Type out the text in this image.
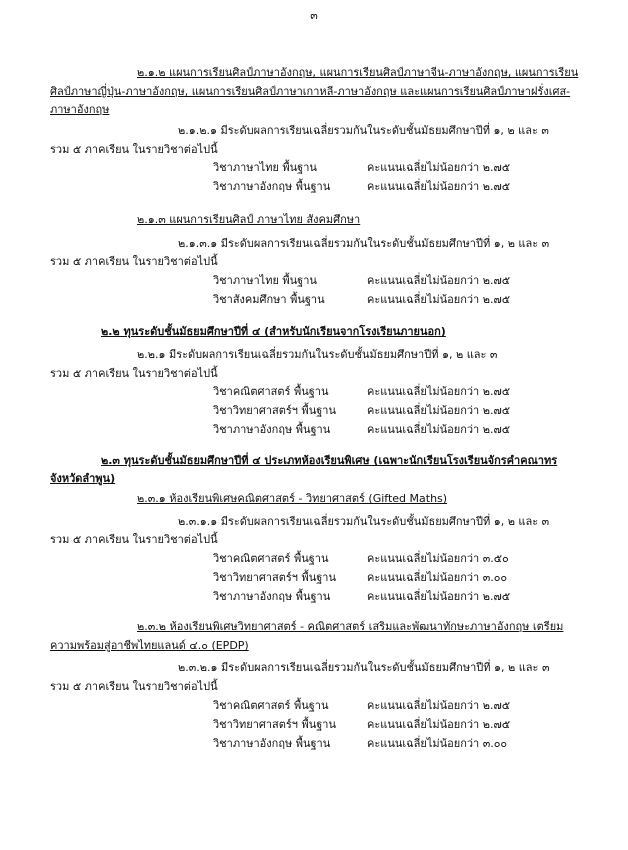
๓
๒.๑.๒ แผนการเรียนศิลป์ภาษาอังกฤษ, แผนการเรียนศิลป์ภาษาจีน-ภาษาอังกฤษ, แผนการเรียน
ศิลป์ภาษาญี่ปุ่น-ภาษาอังกฤษ, แผนการเรียนศิลป์ภาษาเกาหลี-ภาษาอังกฤษ และแผนการเรียนศิลป์ภาษาฝรั่งเศส-
ภาษาอังกฤษ
๒.๑.๒.๑ มีระดับผลการเรียนเฉลี่ยรวมกันในระดับชั้นมัธยมศึกษาปีที่ ๑, ๒ และ ๓
รวม ๕ ภาคเรียน ในรายวิชาต่อไปนี้
วิชาภาษาไทย พื้นฐาน	คะแนนเฉลี่ยไม่น้อยกว่า ๒.๗๕
วิชาภาษาอังกฤษ พื้นฐาน	คะแนนเฉลี่ยไม่น้อยกว่า ๒.๗๕
๒.๑.๓ แผนการเรียนศิลป์ ภาษาไทย สังคมศึกษา
๒.๑.๓.๑ มีระดับผลการเรียนเฉลี่ยรวมกันในระดับชั้นมัธยมศึกษาปีที่ ๑, ๒ และ ๓
รวม ๕ ภาคเรียน ในรายวิชาต่อไปนี้
วิชาภาษาไทย พื้นฐาน	คะแนนเฉลี่ยไม่น้อยกว่า ๒.๗๕
วิชาสังคมศึกษา พื้นฐาน	คะแนนเฉลี่ยไม่น้อยกว่า ๒.๗๕
๒.๒ ทุนระดับชั้นมัธยมศึกษาปีที่ ๔ (สำหรับนักเรียนจากโรงเรียนภายนอก)
๒.๒.๑ มีระดับผลการเรียนเฉลี่ยรวมกันในระดับชั้นมัธยมศึกษาปีที่ ๑, ๒ และ ๓
รวม ๕ ภาคเรียน ในรายวิชาต่อไปนี้
วิชาคณิตศาสตร์ พื้นฐาน	คะแนนเฉลี่ยไม่น้อยกว่า ๒.๗๕
วิชาวิทยาศาสตร์ฯ พื้นฐาน	คะแนนเฉลี่ยไม่น้อยกว่า ๒.๗๕
วิชาภาษาอังกฤษ พื้นฐาน	คะแนนเฉลี่ยไม่น้อยกว่า ๒.๗๕
๒.๓ ทุนระดับชั้นมัธยมศึกษาปีที่ ๔ ประเภทห้องเรียนพิเศษ (เฉพาะนักเรียนโรงเรียนจักรคำคณาทร
จังหวัดลำพูน)
๒.๓.๑ ห้องเรียนพิเศษคณิตศาสตร์ - วิทยาศาสตร์ (Gifted Maths)
๒.๓.๑.๑ มีระดับผลการเรียนเฉลี่ยรวมกันในระดับชั้นมัธยมศึกษาปีที่ ๑, ๒ และ ๓
รวม ๕ ภาคเรียน ในรายวิชาต่อไปนี้
วิชาคณิตศาสตร์ พื้นฐาน	คะแนนเฉลี่ยไม่น้อยกว่า ๓.๕๐
วิชาวิทยาศาสตร์ฯ พื้นฐาน	คะแนนเฉลี่ยไม่น้อยกว่า ๓.๐๐
วิชาภาษาอังกฤษ พื้นฐาน	คะแนนเฉลี่ยไม่น้อยกว่า ๒.๗๕
๒.๓.๒ ห้องเรียนพิเศษวิทยาศาสตร์ - คณิตศาสตร์ เสริมและพัฒนาทักษะภาษาอังกฤษ เตรียม
ความพร้อมสู่อาชีพไทยแลนด์ ๔.๐ (EPDP)
๒.๓.๒.๑ มีระดับผลการเรียนเฉลี่ยรวมกันในระดับชั้นมัธยมศึกษาปีที่ ๑, ๒ และ ๓
รวม ๕ ภาคเรียน ในรายวิชาต่อไปนี้
วิชาคณิตศาสตร์ พื้นฐาน	คะแนนเฉลี่ยไม่น้อยกว่า ๒.๗๕
วิชาวิทยาศาสตร์ฯ พื้นฐาน	คะแนนเฉลี่ยไม่น้อยกว่า ๒.๗๕
วิชาภาษาอังกฤษ พื้นฐาน	คะแนนเฉลี่ยไม่น้อยกว่า ๓.๐๐
